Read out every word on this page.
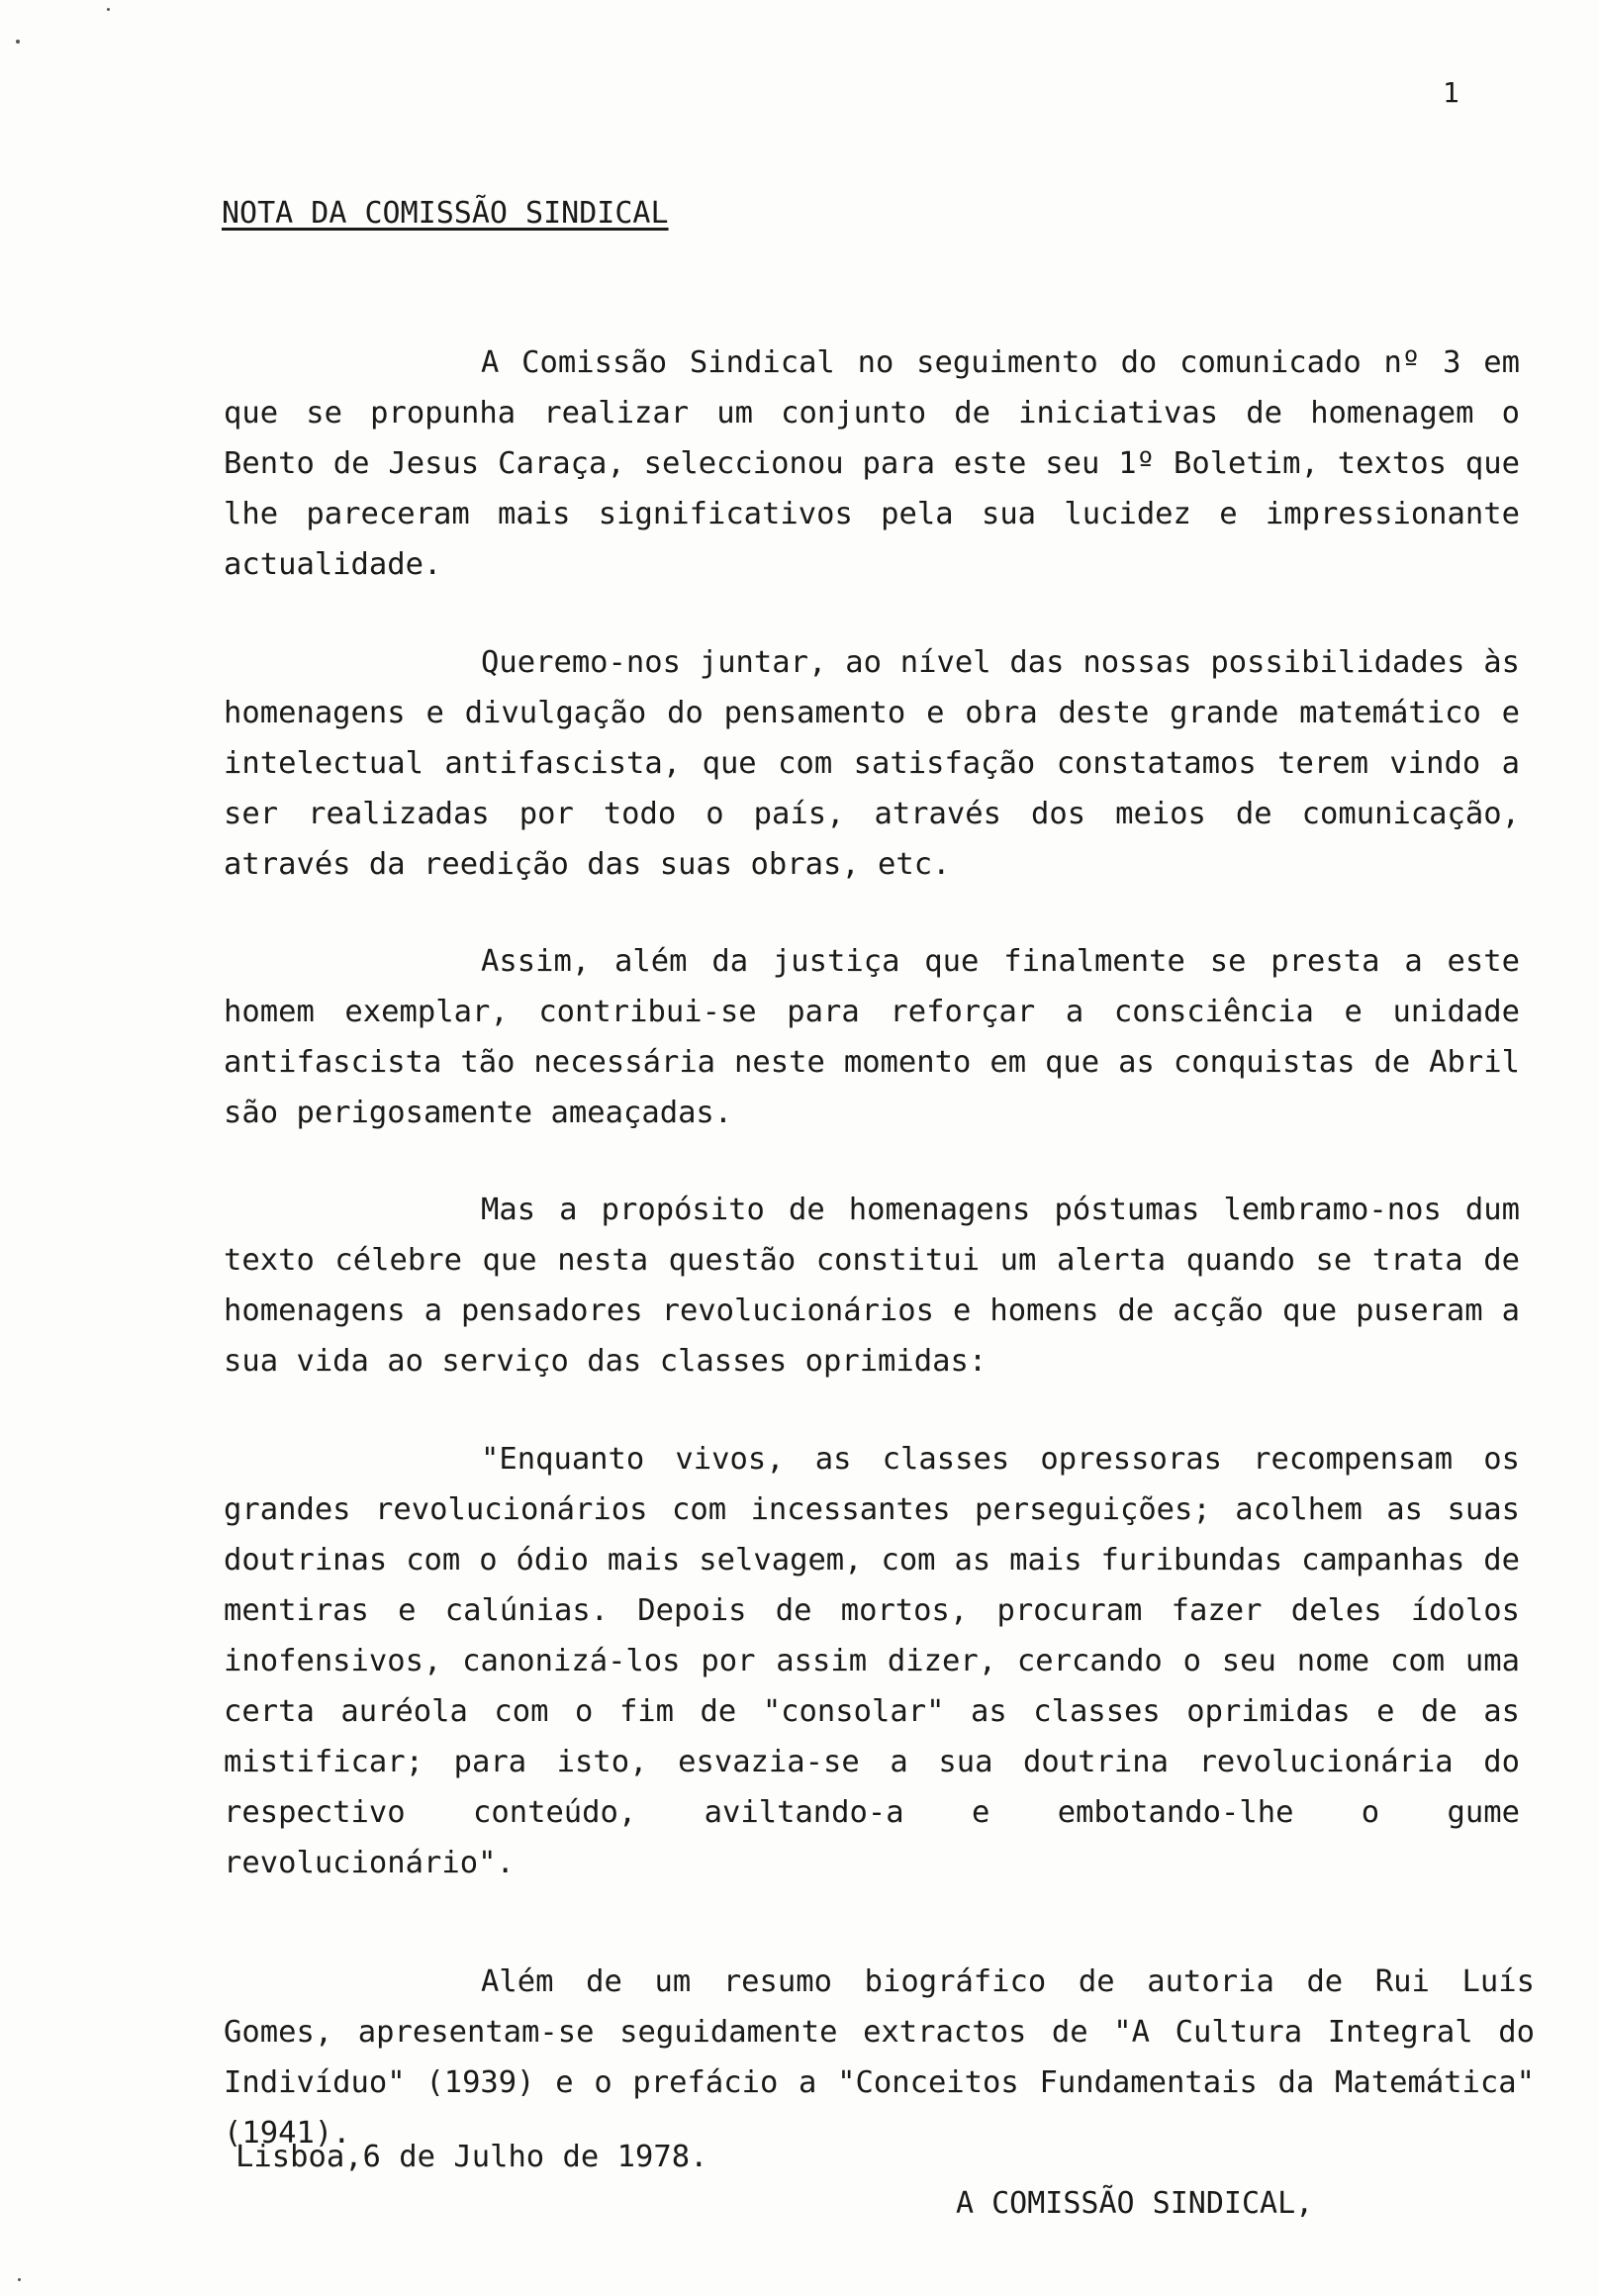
1
NOTA DA COMISSÃO SINDICAL

A Comissão Sindical no seguimento do comunicado nº 3 em que se propunha realizar um conjunto de iniciativas de homenagem o Bento de Jesus Caraça, seleccionou para este seu 1º Boletim, textos que lhe pareceram mais significativos pela sua lucidez e impressionante actualidade.

Queremo-nos juntar, ao nível das nossas possibilidades às homenagens e divulgação do pensamento e obra deste grande matemático e intelectual antifascista, que com satisfação constatamos terem vindo a ser realizadas por todo o país, através dos meios de comunicação, através da reedição das suas obras, etc.

Assim, além da justiça que finalmente se presta a este homem exemplar, contribui-se para reforçar a consciência e unidade antifascista tão necessária neste momento em que as conquistas de Abril são perigosamente ameaçadas.

Mas a propósito de homenagens póstumas lembramo-nos dum texto célebre que nesta questão constitui um alerta quando se trata de homenagens a pensadores revolucionários e homens de acção que puseram a sua vida ao serviço das classes oprimidas:

"Enquanto vivos, as classes opressoras recompensam os grandes revolucionários com incessantes perseguições; acolhem as suas doutrinas com o ódio mais selvagem, com as mais furibundas campanhas de mentiras e calúnias. Depois de mortos, procuram fazer deles ídolos inofensivos, canonizá-los por assim dizer, cercando o seu nome com uma certa auréola com o fim de "consolar" as classes oprimidas e de as mistificar; para isto, esvazia-se a sua doutrina revolucionária do respectivo conteúdo, aviltando-a e embotando-lhe o gume revolucionário".

Além de um resumo biográfico de autoria de Rui Luís Gomes, apresentam-se seguidamente extractos de "A Cultura Integral do Indivíduo" (1939) e o prefácio a "Conceitos Fundamentais da Matemática" (1941).

Lisboa,6 de Julho de 1978.
A COMISSÃO SINDICAL,
